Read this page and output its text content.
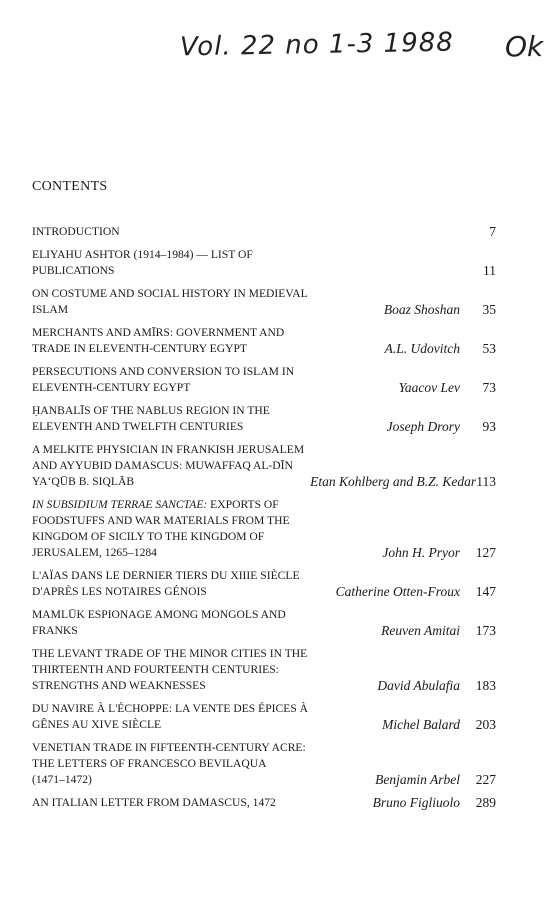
Vol. 22 no 1-3 1988 Ok
CONTENTS
INTRODUCTION	7
ELIYAHU ASHTOR (1914–1984) — LIST OF
PUBLICATIONS	11
ON COSTUME AND SOCIAL HISTORY IN MEDIEVAL
ISLAM	Boaz Shoshan	35
MERCHANTS AND AMĪRS: GOVERNMENT AND
TRADE IN ELEVENTH-CENTURY EGYPT	A.L. Udovitch	53
PERSECUTIONS AND CONVERSION TO ISLAM IN
ELEVENTH-CENTURY EGYPT	Yaacov Lev	73
ḤANBALĪS OF THE NABLUS REGION IN THE
ELEVENTH AND TWELFTH CENTURIES	Joseph Drory	93
A MELKITE PHYSICIAN IN FRANKISH JERUSALEM
AND AYYUBID DAMASCUS: MUWAFFAQ AL-DĪN
YA‘QŪB B. SIQLĀB	Etan Kohlberg and B.Z. Kedar 113
IN SUBSIDIUM TERRAE SANCTAE: EXPORTS OF
FOODSTUFFS AND WAR MATERIALS FROM THE
KINGDOM OF SICILY TO THE KINGDOM OF
JERUSALEM, 1265–1284	John H. Pryor	127
L'AÏAS DANS LE DERNIER TIERS DU XIIIE SIÈCLE
D'APRÈS LES NOTAIRES GÉNOIS	Catherine Otten-Froux	147
MAMLŪK ESPIONAGE AMONG MONGOLS AND
FRANKS	Reuven Amitai	173
THE LEVANT TRADE OF THE MINOR CITIES IN THE
THIRTEENTH AND FOURTEENTH CENTURIES:
STRENGTHS AND WEAKNESSES	David Abulafia	183
DU NAVIRE À L'ÉCHOPPE: LA VENTE DES ÉPICES À
GÊNES AU XIVE SIÈCLE	Michel Balard	203
VENETIAN TRADE IN FIFTEENTH-CENTURY ACRE:
THE LETTERS OF FRANCESCO BEVILAQUA
(1471–1472)	Benjamin Arbel	227
AN ITALIAN LETTER FROM DAMASCUS, 1472	Bruno Figliuolo	289
